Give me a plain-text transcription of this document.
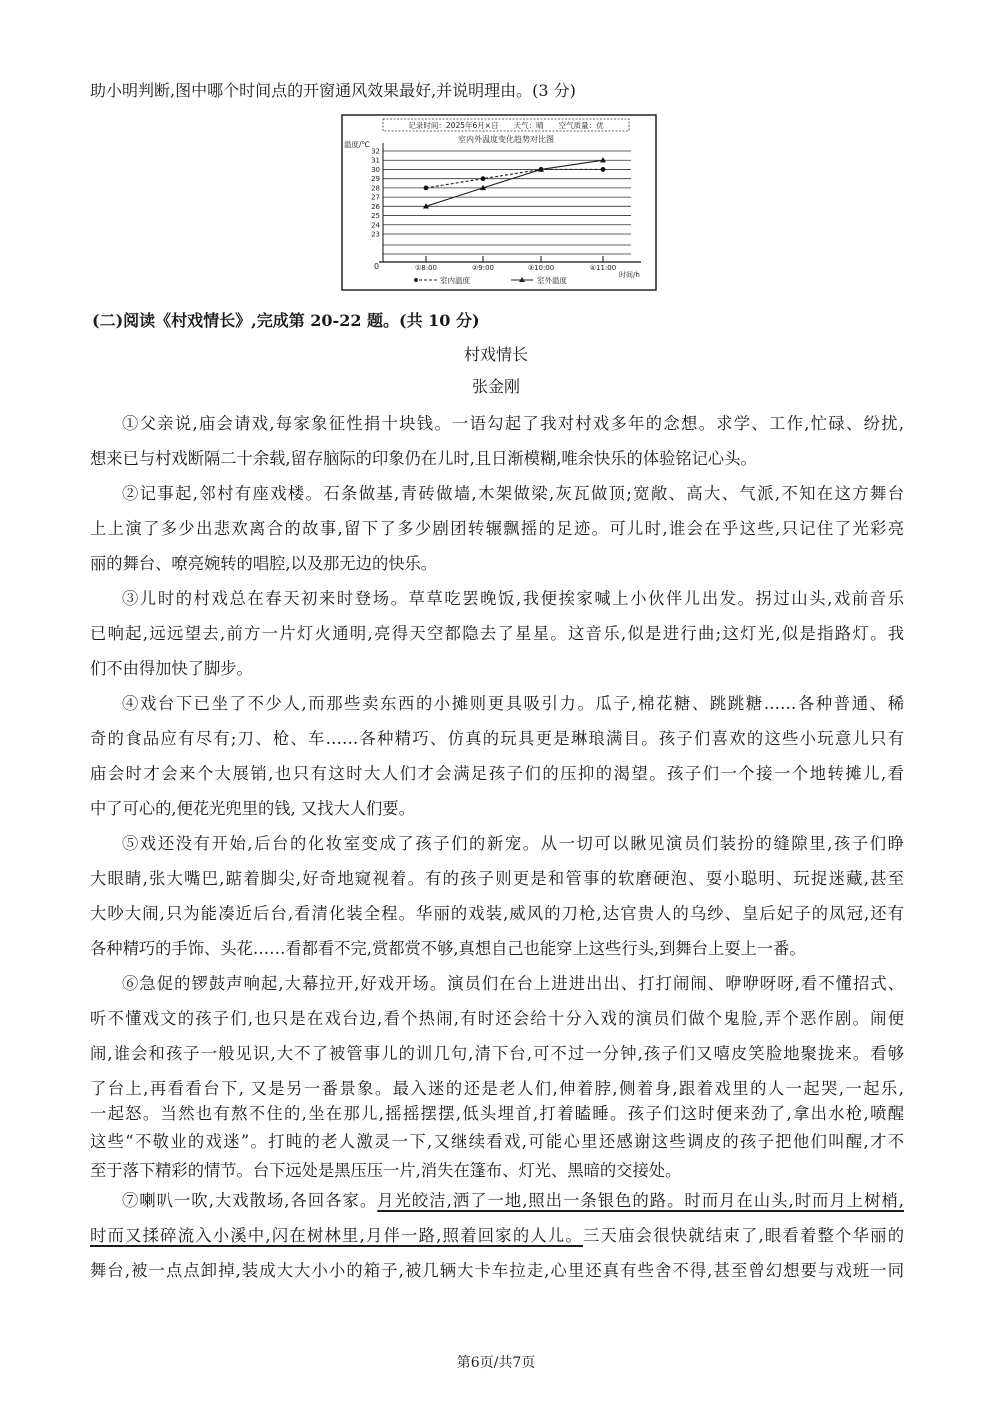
助小明判断,图中哪个时间点的开窗通风效果最好,并说明理由。(3 分)
记录时间：2025年6月×日　　天气：晴　　空气质量：优
室内外温度变化趋势对比图
温度/℃
0
23
24
25
26
27
28
29
30
31
32
①8:00	②9:00	③10:00	④11:00
时间/h
室内温度	室外温度
(二)阅读《村戏情长》,完成第 20-22 题。(共 10 分)
村戏情长
张金刚
①父亲说,庙会请戏,每家象征性捐十块钱。一语勾起了我对村戏多年的念想。求学、工作,忙碌、纷扰,
想来已与村戏断隔二十余载,留存脑际的印象仍在儿时,且日渐模糊,唯余快乐的体验铭记心头。
②记事起,邻村有座戏楼。石条做基,青砖做墙,木架做梁,灰瓦做顶;宽敞、高大、气派,不知在这方舞台
上上演了多少出悲欢离合的故事,留下了多少剧团转辗飘摇的足迹。可儿时,谁会在乎这些,只记住了光彩亮
丽的舞台、嘹亮婉转的唱腔,以及那无边的快乐。
③儿时的村戏总在春天初来时登场。草草吃罢晚饭,我便挨家喊上小伙伴儿出发。拐过山头,戏前音乐
已响起,远远望去,前方一片灯火通明,亮得天空都隐去了星星。这音乐,似是进行曲;这灯光,似是指路灯。我
们不由得加快了脚步。
④戏台下已坐了不少人,而那些卖东西的小摊则更具吸引力。瓜子,棉花糖、跳跳糖……各种普通、稀
奇的食品应有尽有;刀、枪、车……各种精巧、仿真的玩具更是琳琅满目。孩子们喜欢的这些小玩意儿只有
庙会时才会来个大展销,也只有这时大人们才会满足孩子们的压抑的渴望。孩子们一个接一个地转摊儿,看
中了可心的,便花光兜里的钱, 又找大人们要。
⑤戏还没有开始,后台的化妆室变成了孩子们的新宠。从一切可以瞅见演员们装扮的缝隙里,孩子们睁
大眼睛,张大嘴巴,踮着脚尖,好奇地窥视着。有的孩子则更是和管事的软磨硬泡、耍小聪明、玩捉迷藏,甚至
大吵大闹,只为能凑近后台,看清化装全程。华丽的戏装,威风的刀枪,达官贵人的乌纱、皇后妃子的凤冠,还有
各种精巧的手饰、头花……看都看不完,赏都赏不够,真想自己也能穿上这些行头,到舞台上耍上一番。
⑥急促的锣鼓声响起,大幕拉开,好戏开场。演员们在台上进进出出、打打闹闹、咿咿呀呀,看不懂招式、
听不懂戏文的孩子们,也只是在戏台边,看个热闹,有时还会给十分入戏的演员们做个鬼脸,弄个恶作剧。闹便
闹,谁会和孩子一般见识,大不了被管事儿的训几句,清下台,可不过一分钟,孩子们又嘻皮笑脸地聚拢来。看够
了台上,再看看台下, 又是另一番景象。最入迷的还是老人们,伸着脖,侧着身,跟着戏里的人一起哭,一起乐,
一起怒。当然也有熬不住的,坐在那儿,摇摇摆摆,低头埋首,打着瞌睡。孩子们这时便来劲了,拿出水枪,喷醒
这些“不敬业的戏迷”。打盹的老人激灵一下,又继续看戏,可能心里还感谢这些调皮的孩子把他们叫醒,才不
至于落下精彩的情节。台下远处是黑压压一片,消失在篷布、灯光、黑暗的交接处。
⑦喇叭一吹,大戏散场,各回各家。月光皎洁,洒了一地,照出一条银色的路。时而月在山头,时而月上树梢,
时而又揉碎流入小溪中,闪在树林里,月伴一路,照着回家的人儿。三天庙会很快就结束了,眼看着整个华丽的
舞台,被一点点卸掉,装成大大小小的箱子,被几辆大卡车拉走,心里还真有些舍不得,甚至曾幻想要与戏班一同
第6页/共7页
